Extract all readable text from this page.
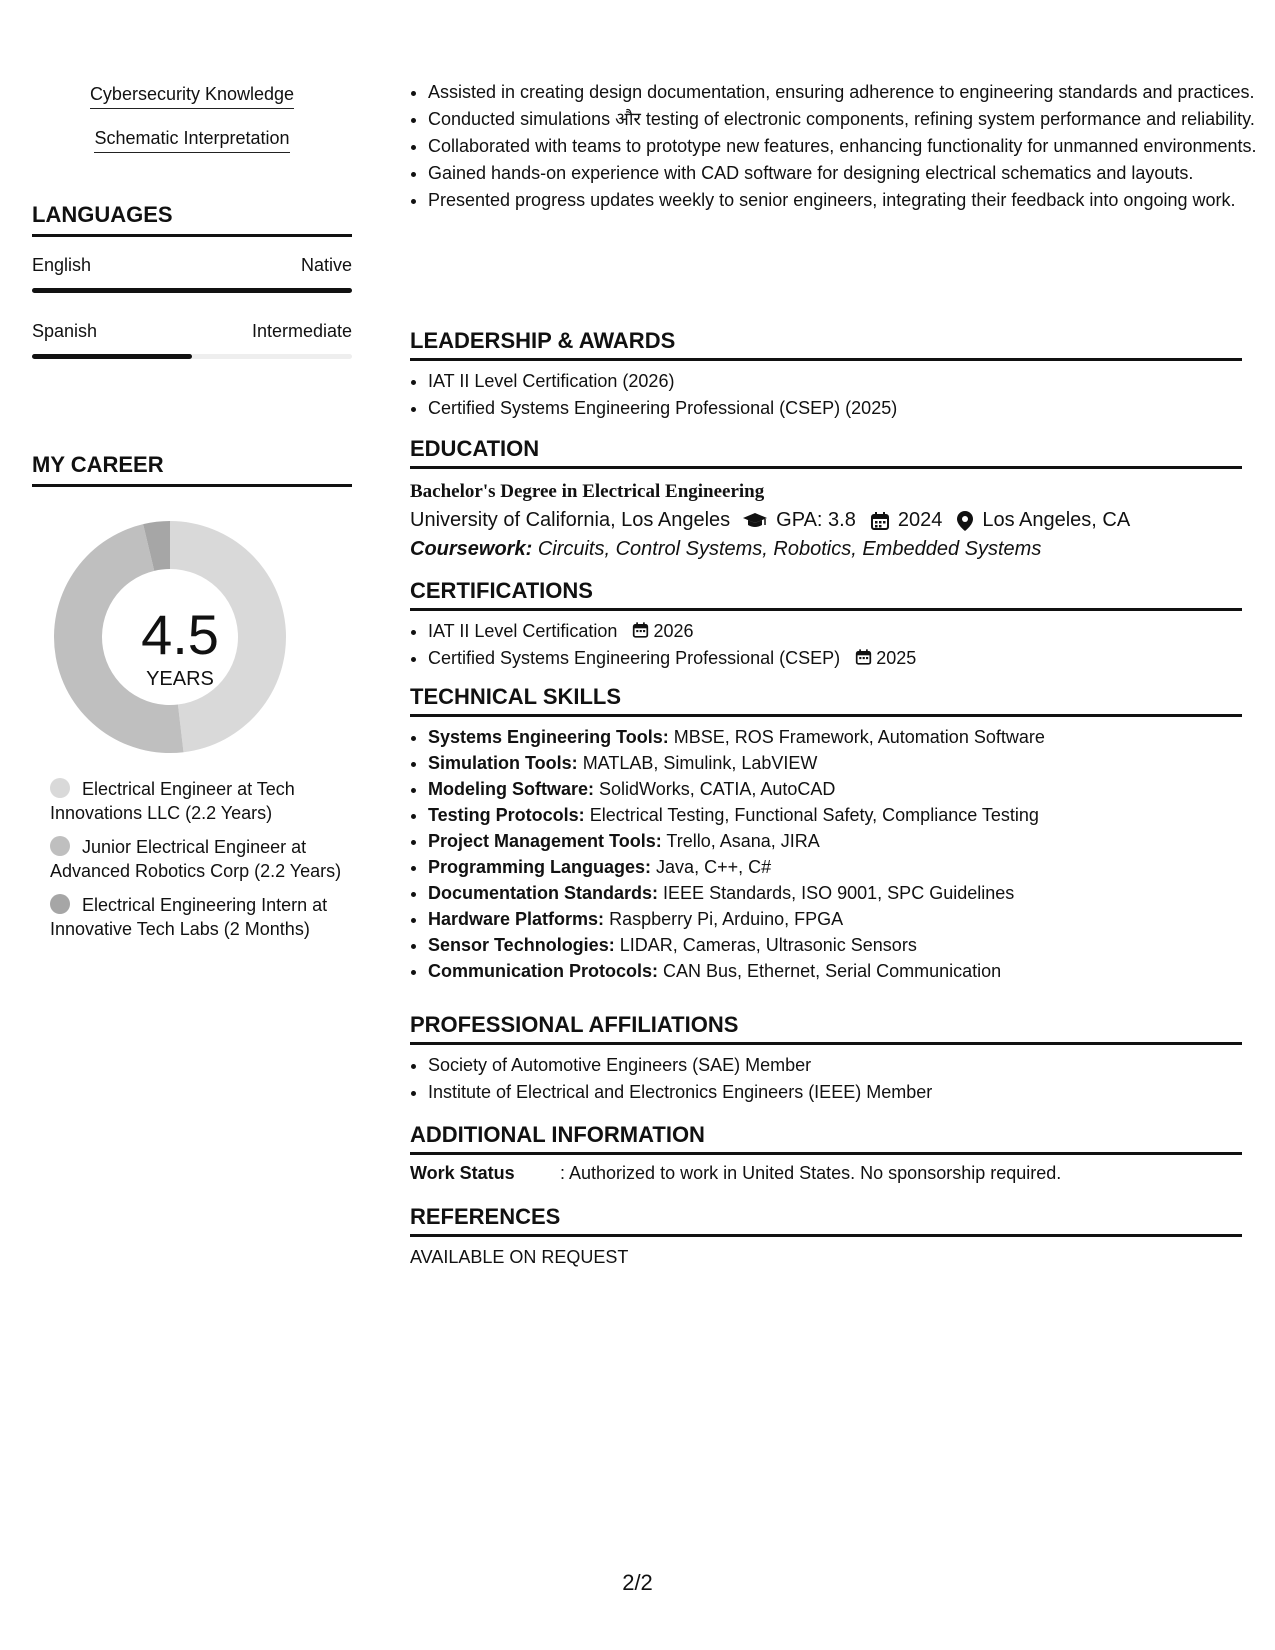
Cybersecurity Knowledge
Schematic Interpretation
LANGUAGES
English	Native
Spanish	Intermediate
MY CAREER
4.5
YEARS
Electrical Engineer at Tech Innovations LLC (2.2 Years)
Junior Electrical Engineer at Advanced Robotics Corp (2.2 Years)
Electrical Engineering Intern at Innovative Tech Labs (2 Months)
• Assisted in creating design documentation, ensuring adherence to engineering standards and practices.
• Conducted simulations और testing of electronic components, refining system performance and reliability.
• Collaborated with teams to prototype new features, enhancing functionality for unmanned environments.
• Gained hands-on experience with CAD software for designing electrical schematics and layouts.
• Presented progress updates weekly to senior engineers, integrating their feedback into ongoing work.
LEADERSHIP & AWARDS
• IAT II Level Certification (2026)
• Certified Systems Engineering Professional (CSEP) (2025)
EDUCATION
Bachelor's Degree in Electrical Engineering
University of California, Los Angeles GPA: 3.8 2024 Los Angeles, CA
Coursework: Circuits, Control Systems, Robotics, Embedded Systems
CERTIFICATIONS
• IAT II Level Certification 2026
• Certified Systems Engineering Professional (CSEP) 2025
TECHNICAL SKILLS
• Systems Engineering Tools: MBSE, ROS Framework, Automation Software
• Simulation Tools: MATLAB, Simulink, LabVIEW
• Modeling Software: SolidWorks, CATIA, AutoCAD
• Testing Protocols: Electrical Testing, Functional Safety, Compliance Testing
• Project Management Tools: Trello, Asana, JIRA
• Programming Languages: Java, C++, C#
• Documentation Standards: IEEE Standards, ISO 9001, SPC Guidelines
• Hardware Platforms: Raspberry Pi, Arduino, FPGA
• Sensor Technologies: LIDAR, Cameras, Ultrasonic Sensors
• Communication Protocols: CAN Bus, Ethernet, Serial Communication
PROFESSIONAL AFFILIATIONS
• Society of Automotive Engineers (SAE) Member
• Institute of Electrical and Electronics Engineers (IEEE) Member
ADDITIONAL INFORMATION
Work Status	: Authorized to work in United States. No sponsorship required.
REFERENCES
AVAILABLE ON REQUEST
2/2
